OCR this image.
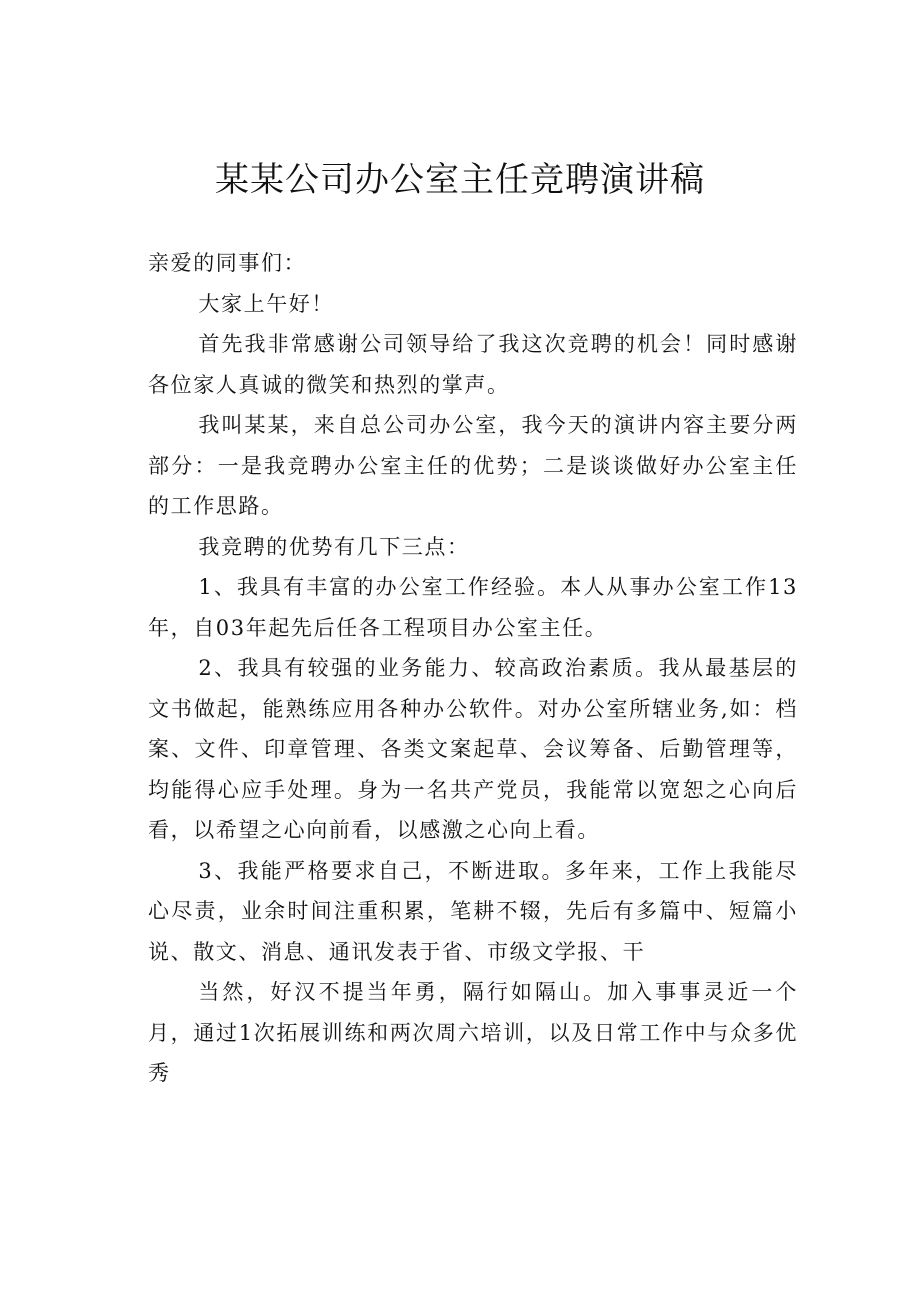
某某公司办公室主任竞聘演讲稿

亲爱的同事们：

大家上午好！

首先我非常感谢公司领导给了我这次竞聘的机会！同时感谢各位家人真诚的微笑和热烈的掌声。

我叫某某，来自总公司办公室，我今天的演讲内容主要分两部分：一是我竞聘办公室主任的优势；二是谈谈做好办公室主任的工作思路。

我竞聘的优势有几下三点：

1、我具有丰富的办公室工作经验。本人从事办公室工作13年，自03年起先后任各工程项目办公室主任。

2、我具有较强的业务能力、较高政治素质。我从最基层的文书做起，能熟练应用各种办公软件。对办公室所辖业务,如：档案、文件、印章管理、各类文案起草、会议筹备、后勤管理等，均能得心应手处理。身为一名共产党员，我能常以宽恕之心向后看，以希望之心向前看，以感激之心向上看。

3、我能严格要求自己，不断进取。多年来，工作上我能尽心尽责，业余时间注重积累，笔耕不辍，先后有多篇中、短篇小说、散文、消息、通讯发表于省、市级文学报、干

当然，好汉不提当年勇，隔行如隔山。加入事事灵近一个月，通过1次拓展训练和两次周六培训，以及日常工作中与众多优秀
